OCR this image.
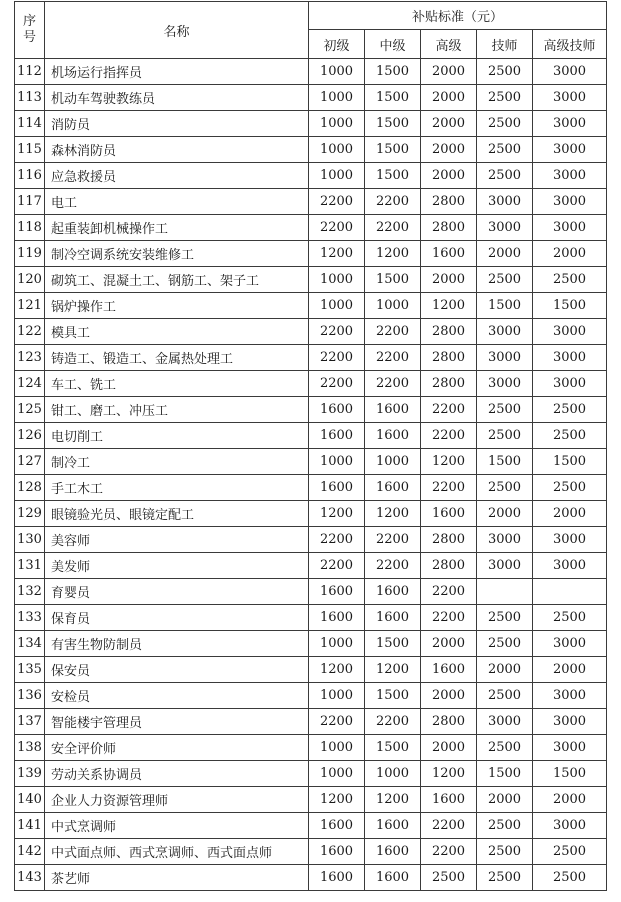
序
号	名称	补贴标准（元）				
		初级	中级	高级	技师	高级技师
112	机场运行指挥员	1000	1500	2000	2500	3000
113	机动车驾驶教练员	1000	1500	2000	2500	3000
114	消防员	1000	1500	2000	2500	3000
115	森林消防员	1000	1500	2000	2500	3000
116	应急救援员	1000	1500	2000	2500	3000
117	电工	2200	2200	2800	3000	3000
118	起重装卸机械操作工	2200	2200	2800	3000	3000
119	制冷空调系统安装维修工	1200	1200	1600	2000	2000
120	砌筑工、混凝土工、钢筋工、架子工	1000	1500	2000	2500	2500
121	锅炉操作工	1000	1000	1200	1500	1500
122	模具工	2200	2200	2800	3000	3000
123	铸造工、锻造工、金属热处理工	2200	2200	2800	3000	3000
124	车工、铣工	2200	2200	2800	3000	3000
125	钳工、磨工、冲压工	1600	1600	2200	2500	2500
126	电切削工	1600	1600	2200	2500	2500
127	制冷工	1000	1000	1200	1500	1500
128	手工木工	1600	1600	2200	2500	2500
129	眼镜验光员、眼镜定配工	1200	1200	1600	2000	2000
130	美容师	2200	2200	2800	3000	3000
131	美发师	2200	2200	2800	3000	3000
132	育婴员	1600	1600	2200		
133	保育员	1600	1600	2200	2500	2500
134	有害生物防制员	1000	1500	2000	2500	3000
135	保安员	1200	1200	1600	2000	2000
136	安检员	1000	1500	2000	2500	3000
137	智能楼宇管理员	2200	2200	2800	3000	3000
138	安全评价师	1000	1500	2000	2500	3000
139	劳动关系协调员	1000	1000	1200	1500	1500
140	企业人力资源管理师	1200	1200	1600	2000	2000
141	中式烹调师	1600	1600	2200	2500	3000
142	中式面点师、西式烹调师、西式面点师	1600	1600	2200	2500	2500
143	茶艺师	1600	1600	2500	2500	2500
